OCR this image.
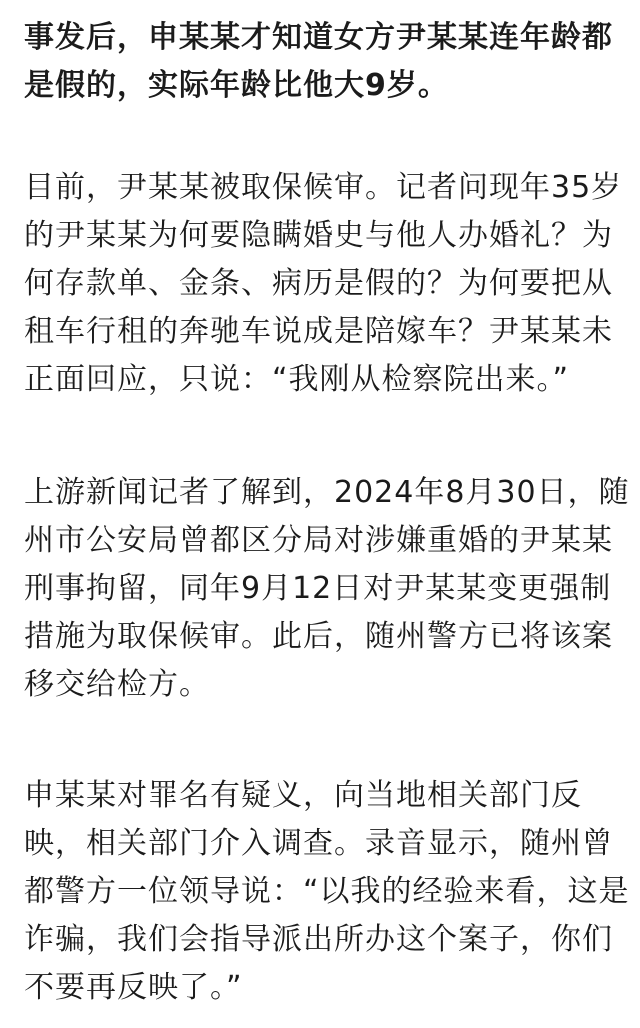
事发后，申某某才知道女方尹某某连年龄都
是假的，实际年龄比他大9岁。

目前，尹某某被取保候审。记者问现年35岁
的尹某某为何要隐瞒婚史与他人办婚礼？为
何存款单、金条、病历是假的？为何要把从
租车行租的奔驰车说成是陪嫁车？尹某某未
正面回应，只说：“我刚从检察院出来。”

上游新闻记者了解到，2024年8月30日，随
州市公安局曾都区分局对涉嫌重婚的尹某某
刑事拘留，同年9月12日对尹某某变更强制
措施为取保候审。此后，随州警方已将该案
移交给检方。

申某某对罪名有疑义，向当地相关部门反
映，相关部门介入调查。录音显示，随州曾
都警方一位领导说：“以我的经验来看，这是
诈骗，我们会指导派出所办这个案子，你们
不要再反映了。”
